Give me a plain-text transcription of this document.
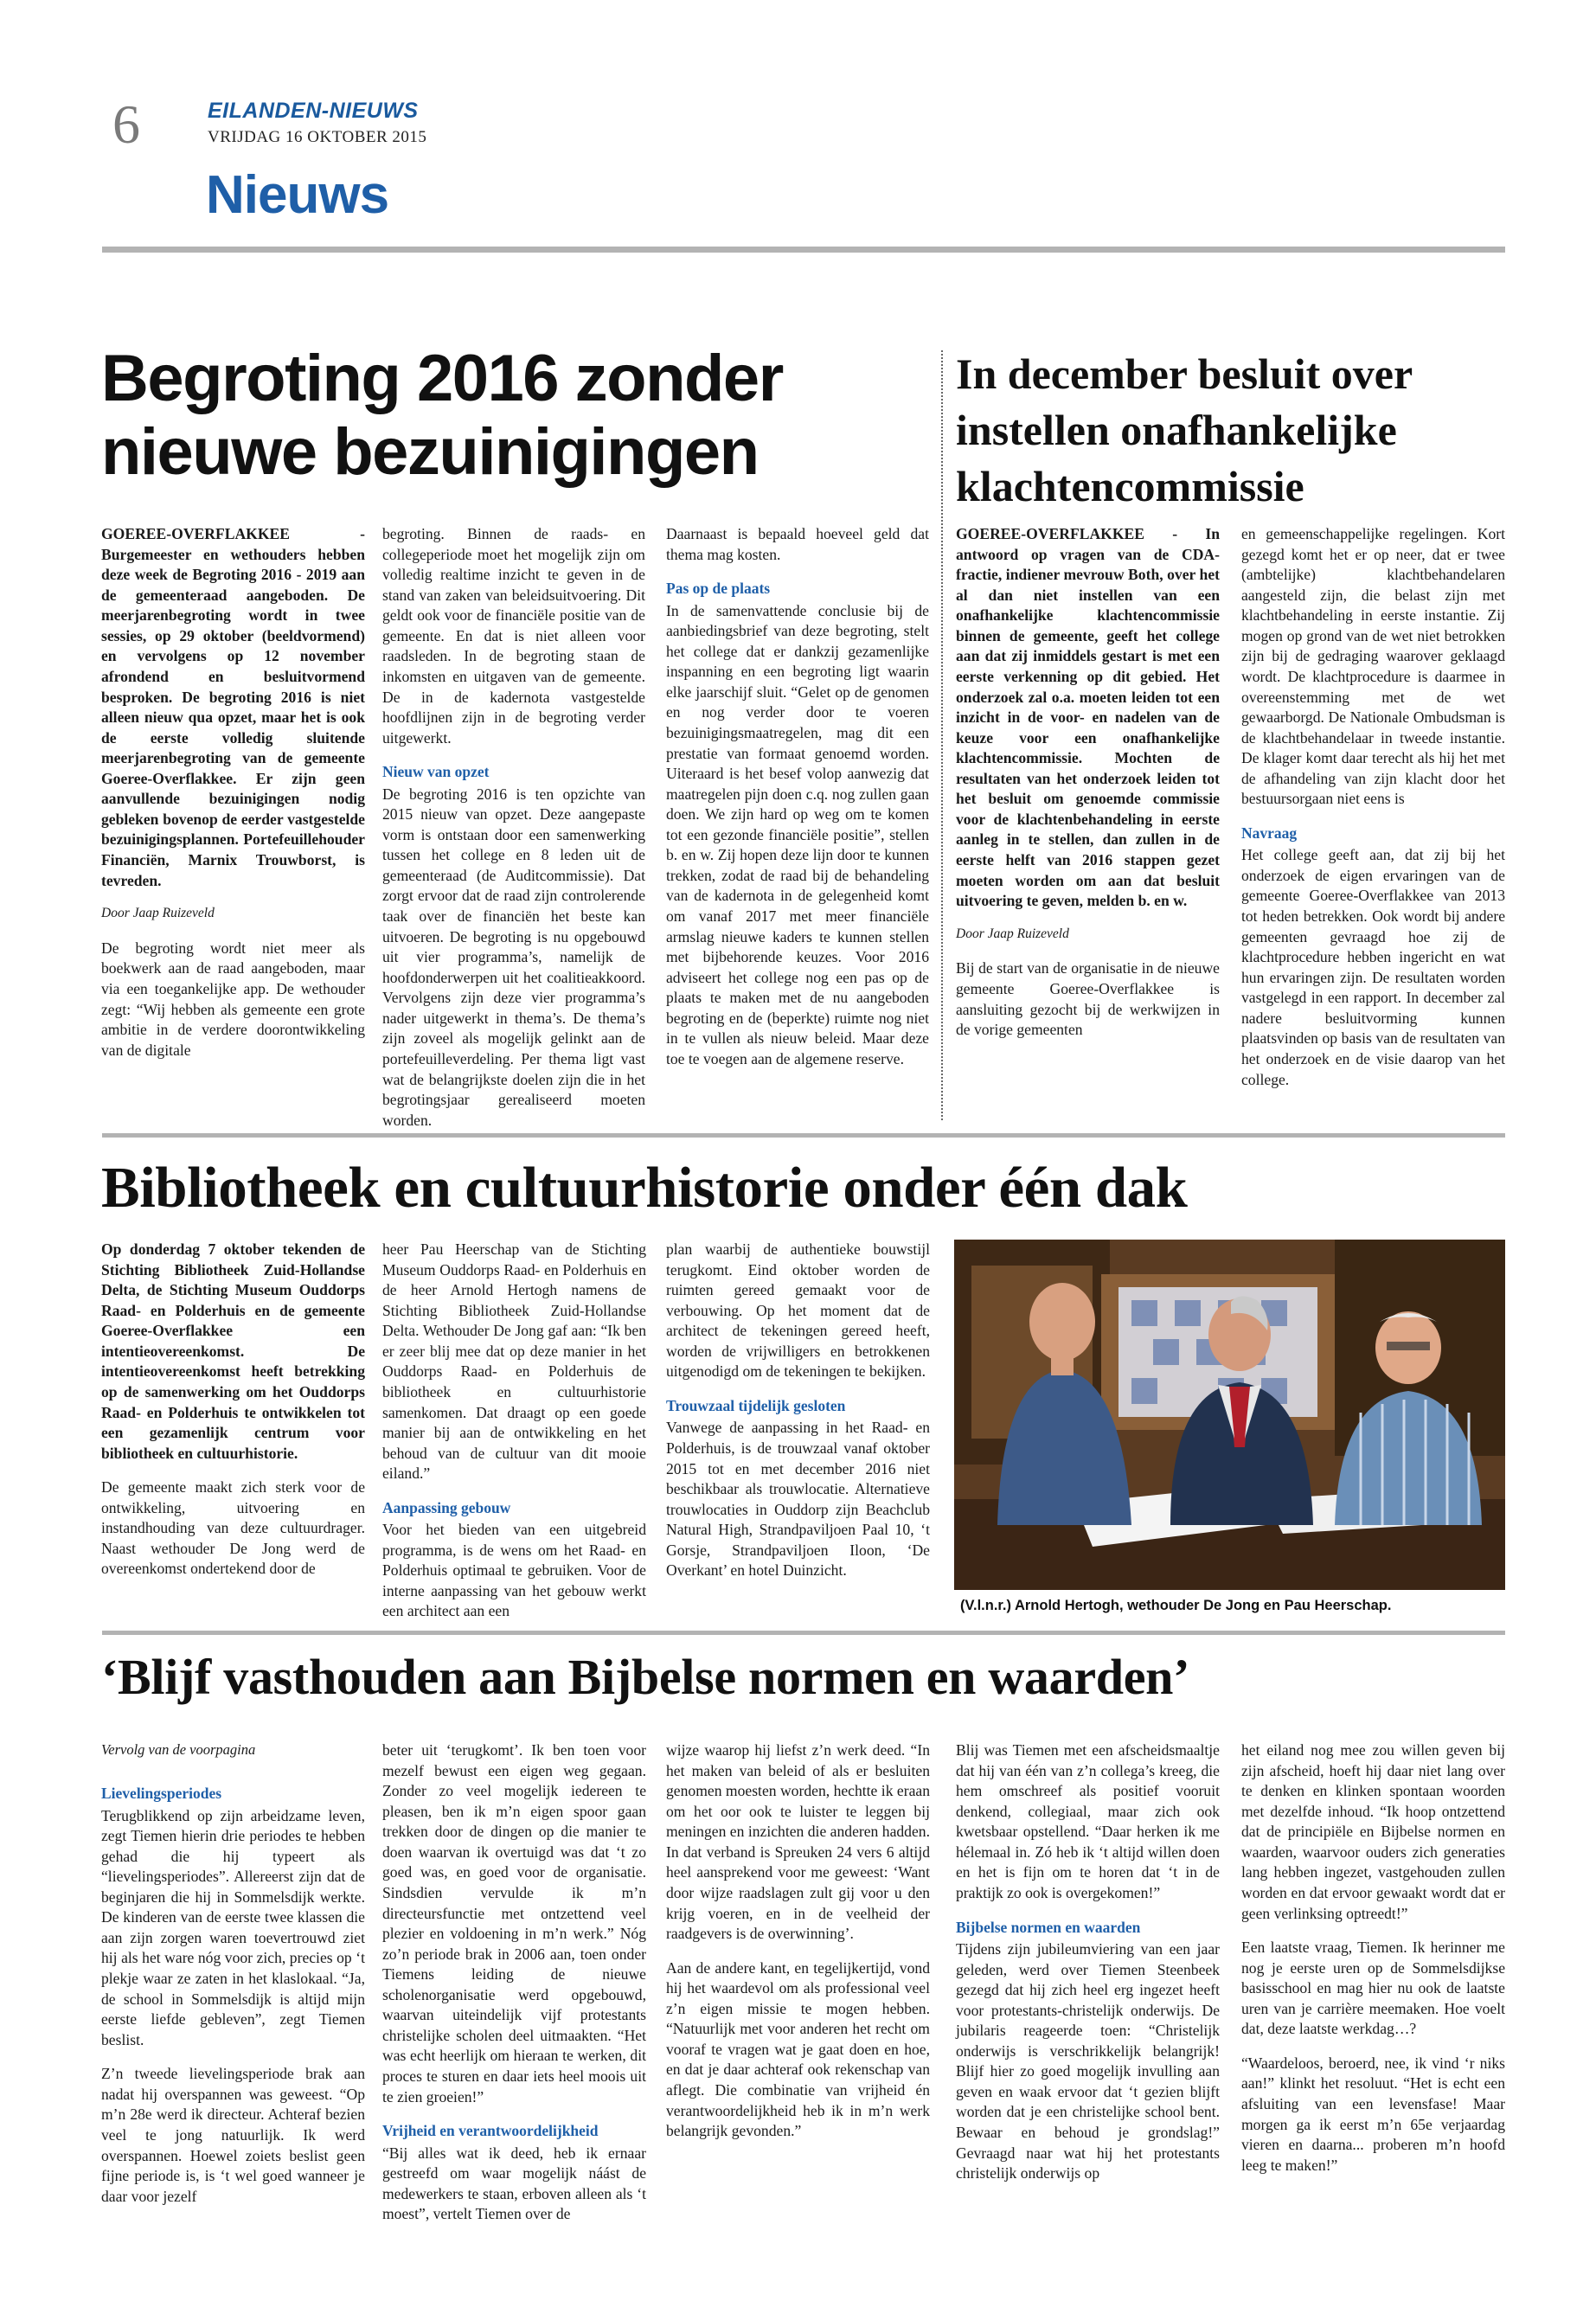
6	EILANDEN-NIEUWS
VRIJDAG 16 OKTOBER 2015
Nieuws
Begroting 2016 zonder
nieuwe bezuinigingen

GOEREE-OVERFLAKKEE - Burgemeester en wethouders hebben deze week de Begroting 2016 - 2019 aan de gemeenteraad aangeboden. De meerjarenbegroting wordt in twee sessies, op 29 oktober (beeldvormend) en vervolgens op 12 november afrondend en besluitvormend besproken. De begroting 2016 is niet alleen nieuw qua opzet, maar het is ook de eerste volledig sluitende meerjarenbegroting van de gemeente Goeree-Overflakkee. Er zijn geen aanvullende bezuinigingen nodig gebleken bovenop de eerder vastgestelde bezuinigingsplannen. Portefeuillehouder Financiën, Marnix Trouwborst, is tevreden.

Door Jaap Ruizeveld

De begroting wordt niet meer als boekwerk aan de raad aangeboden, maar via een toegankelijke app. De wethouder zegt: “Wij hebben als gemeente een grote ambitie in de verdere doorontwikkeling van de digitale

begroting. Binnen de raads- en collegeperiode moet het mogelijk zijn om volledig realtime inzicht te geven in de stand van zaken van beleidsuitvoering. Dit geldt ook voor de financiële positie van de gemeente. En dat is niet alleen voor raadsleden. In de begroting staan de inkomsten en uitgaven van de gemeente. De in de kadernota vastgestelde hoofdlijnen zijn in de begroting verder uitgewerkt.

Nieuw van opzet

De begroting 2016 is ten opzichte van 2015 nieuw van opzet. Deze aangepaste vorm is ontstaan door een samenwerking tussen het college en 8 leden uit de gemeenteraad (de Auditcommissie). Dat zorgt ervoor dat de raad zijn controlerende taak over de financiën het beste kan uitvoeren. De begroting is nu opgebouwd uit vier programma’s, namelijk de hoofdonderwerpen uit het coalitieakkoord. Vervolgens zijn deze vier programma’s nader uitgewerkt in thema’s. De thema’s zijn zoveel als mogelijk gelinkt aan de portefeuilleverdeling. Per thema ligt vast wat de belangrijkste doelen zijn die in het begrotingsjaar gerealiseerd moeten worden.

Daarnaast is bepaald hoeveel geld dat thema mag kosten.

Pas op de plaats

In de samenvattende conclusie bij de aanbiedingsbrief van deze begroting, stelt het college dat er dankzij gezamenlijke inspanning en een begroting ligt waarin elke jaarschijf sluit. “Gelet op de genomen en nog verder door te voeren bezuinigingsmaatregelen, mag dit een prestatie van formaat genoemd worden. Uiteraard is het besef volop aanwezig dat maatregelen pijn doen c.q. nog zullen gaan doen. We zijn hard op weg om te komen tot een gezonde financiële positie”, stellen b. en w. Zij hopen deze lijn door te kunnen trekken, zodat de raad bij de behandeling van de kadernota in de gelegenheid komt om vanaf 2017 met meer financiële armslag nieuwe kaders te kunnen stellen met bijbehorende keuzes. Voor 2016 adviseert het college nog een pas op de plaats te maken met de nu aangeboden begroting en de (beperkte) ruimte nog niet in te vullen als nieuw beleid. Maar deze toe te voegen aan de algemene reserve.

In december besluit over
instellen onafhankelijke
klachtencommissie

GOEREE-OVERFLAKKEE - In antwoord op vragen van de CDA-fractie, indiener mevrouw Both, over het al dan niet instellen van een onafhankelijke klachtencommissie binnen de gemeente, geeft het college aan dat zij inmiddels gestart is met een eerste verkenning op dit gebied. Het onderzoek zal o.a. moeten leiden tot een inzicht in de voor- en nadelen van de keuze voor een onafhankelijke klachtencommissie. Mochten de resultaten van het onderzoek leiden tot het besluit om genoemde commissie voor de klachtenbehandeling in eerste aanleg in te stellen, dan zullen in de eerste helft van 2016 stappen gezet moeten worden om aan dat besluit uitvoering te geven, melden b. en w.

Door Jaap Ruizeveld

Bij de start van de organisatie in de nieuwe gemeente Goeree-Overflakkee is aansluiting gezocht bij de werkwijzen in de vorige gemeenten

en gemeenschappelijke regelingen. Kort gezegd komt het er op neer, dat er twee (ambtelijke) klachtbehandelaren aangesteld zijn, die belast zijn met klachtbehandeling in eerste instantie. Zij mogen op grond van de wet niet betrokken zijn bij de gedraging waarover geklaagd wordt. De klachtprocedure is daarmee in overeenstemming met de wet gewaarborgd. De Nationale Ombudsman is de klachtbehandelaar in tweede instantie. De klager komt daar terecht als hij het met de afhandeling van zijn klacht door het bestuursorgaan niet eens is

Navraag

Het college geeft aan, dat zij bij het onderzoek de eigen ervaringen van de gemeente Goeree-Overflakkee van 2013 tot heden betrekken. Ook wordt bij andere gemeenten gevraagd hoe zij de klachtprocedure hebben ingericht en wat hun ervaringen zijn. De resultaten worden vastgelegd in een rapport. In december zal nadere besluitvorming kunnen plaatsvinden op basis van de resultaten van het onderzoek en de visie daarop van het college.

Bibliotheek en cultuurhistorie onder één dak

Op donderdag 7 oktober tekenden de Stichting Bibliotheek Zuid-Hollandse Delta, de Stichting Museum Ouddorps Raad- en Polderhuis en de gemeente Goeree-Overflakkee een intentieovereenkomst. De intentieovereenkomst heeft betrekking op de samenwerking om het Ouddorps Raad- en Polderhuis te ontwikkelen tot een gezamenlijk centrum voor bibliotheek en cultuurhistorie.

De gemeente maakt zich sterk voor de ontwikkeling, uitvoering en instandhouding van deze cultuurdrager. Naast wethouder De Jong werd de overeenkomst ondertekend door de

heer Pau Heerschap van de Stichting Museum Ouddorps Raad- en Polderhuis en de heer Arnold Hertogh namens de Stichting Bibliotheek Zuid-Hollandse Delta. Wethouder De Jong gaf aan: “Ik ben er zeer blij mee dat op deze manier in het Ouddorps Raad- en Polderhuis de bibliotheek en cultuurhistorie samenkomen. Dat draagt op een goede manier bij aan de ontwikkeling en het behoud van de cultuur van dit mooie eiland.”

Aanpassing gebouw

Voor het bieden van een uitgebreid programma, is de wens om het Raad- en Polderhuis optimaal te gebruiken. Voor de interne aanpassing van het gebouw werkt een architect aan een

plan waarbij de authentieke bouwstijl terugkomt. Eind oktober worden de ruimten gereed gemaakt voor de verbouwing. Op het moment dat de architect de tekeningen gereed heeft, worden de vrijwilligers en betrokkenen uitgenodigd om de tekeningen te bekijken.

Trouwzaal tijdelijk gesloten

Vanwege de aanpassing in het Raad- en Polderhuis, is de trouwzaal vanaf oktober 2015 tot en met december 2016 niet beschikbaar als trouwlocatie. Alternatieve trouwlocaties in Ouddorp zijn Beachclub Natural High, Strandpaviljoen Paal 10, ‘t Gorsje, Strandpaviljoen Iloon, ‘De Overkant’ en hotel Duinzicht.

(V.l.n.r.) Arnold Hertogh, wethouder De Jong en Pau Heerschap.
‘Blijf vasthouden aan Bijbelse normen en waarden’

Vervolg van de voorpagina

Lievelingsperiodes

Terugblikkend op zijn arbeidzame leven, zegt Tiemen hierin drie periodes te hebben gehad die hij typeert als “lievelingsperiodes”. Allereerst zijn dat de beginjaren die hij in Sommelsdijk werkte. De kinderen van de eerste twee klassen die aan zijn zorgen waren toevertrouwd ziet hij als het ware nóg voor zich, precies op ‘t plekje waar ze zaten in het klaslokaal. “Ja, de school in Sommelsdijk is altijd mijn eerste liefde gebleven”, zegt Tiemen beslist.

Z’n tweede lievelingsperiode brak aan nadat hij overspannen was geweest. “Op m’n 28e werd ik directeur. Achteraf bezien veel te jong natuurlijk. Ik werd overspannen. Hoewel zoiets beslist geen fijne periode is, is ‘t wel goed wanneer je daar voor jezelf

beter uit ‘terugkomt’. Ik ben toen voor mezelf bewust een eigen weg gegaan. Zonder zo veel mogelijk iedereen te pleasen, ben ik m’n eigen spoor gaan trekken door de dingen op die manier te doen waarvan ik overtuigd was dat ‘t zo goed was, en goed voor de organisatie. Sindsdien vervulde ik m’n directeursfunctie met ontzettend veel plezier en voldoening in m’n werk.” Nóg zo’n periode brak in 2006 aan, toen onder Tiemens leiding de nieuwe scholenorganisatie werd opgebouwd, waarvan uiteindelijk vijf protestants christelijke scholen deel uitmaakten. “Het was echt heerlijk om hieraan te werken, dit proces te sturen en daar iets heel moois uit te zien groeien!”

Vrijheid en verantwoordelijkheid

“Bij alles wat ik deed, heb ik ernaar gestreefd om waar mogelijk náást de medewerkers te staan, erboven alleen als ‘t moest”, vertelt Tiemen over de

wijze waarop hij liefst z’n werk deed. “In het maken van beleid of als er besluiten genomen moesten worden, hechtte ik eraan om het oor ook te luister te leggen bij meningen en inzichten die anderen hadden. In dat verband is Spreuken 24 vers 6 altijd heel aansprekend voor me geweest: ‘Want door wijze raadslagen zult gij voor u den krijg voeren, en in de veelheid der raadgevers is de overwinning’.

Aan de andere kant, en tegelijkertijd, vond hij het waardevol om als professional veel z’n eigen missie te mogen hebben. “Natuurlijk met voor anderen het recht om vooraf te vragen wat je gaat doen en hoe, en dat je daar achteraf ook rekenschap van aflegt. Die combinatie van vrijheid én verantwoordelijkheid heb ik in m’n werk belangrijk gevonden.”

Blij was Tiemen met een afscheidsmaaltje dat hij van één van z’n collega’s kreeg, die hem omschreef als positief vooruit denkend, collegiaal, maar zich ook kwetsbaar opstellend. “Daar herken ik me hélemaal in. Zó heb ik ‘t altijd willen doen en het is fijn om te horen dat ‘t in de praktijk zo ook is overgekomen!”

Bijbelse normen en waarden

Tijdens zijn jubileumviering van een jaar geleden, werd over Tiemen Steenbeek gezegd dat hij zich heel erg ingezet heeft voor protestants-christelijk onderwijs. De jubilaris reageerde toen: “Christelijk onderwijs is verschrikkelijk belangrijk! Blijf hier zo goed mogelijk invulling aan geven en waak ervoor dat ‘t gezien blijft worden dat je een christelijke school bent. Bewaar en behoud je grondslag!” Gevraagd naar wat hij het protestants christelijk onderwijs op

het eiland nog mee zou willen geven bij zijn afscheid, hoeft hij daar niet lang over te denken en klinken spontaan woorden met dezelfde inhoud. “Ik hoop ontzettend dat de principiële en Bijbelse normen en waarden, waarvoor ouders zich generaties lang hebben ingezet, vastgehouden zullen worden en dat ervoor gewaakt wordt dat er geen verlinksing optreedt!”

Een laatste vraag, Tiemen. Ik herinner me nog je eerste uren op de Sommelsdijkse basisschool en mag hier nu ook de laatste uren van je carrière meemaken. Hoe voelt dat, deze laatste werkdag…?

“Waardeloos, beroerd, nee, ik vind ‘r niks aan!” klinkt het resoluut. “Het is echt een afsluiting van een levensfase! Maar morgen ga ik eerst m’n 65e verjaardag vieren en daarna... proberen m’n hoofd leeg te maken!”
